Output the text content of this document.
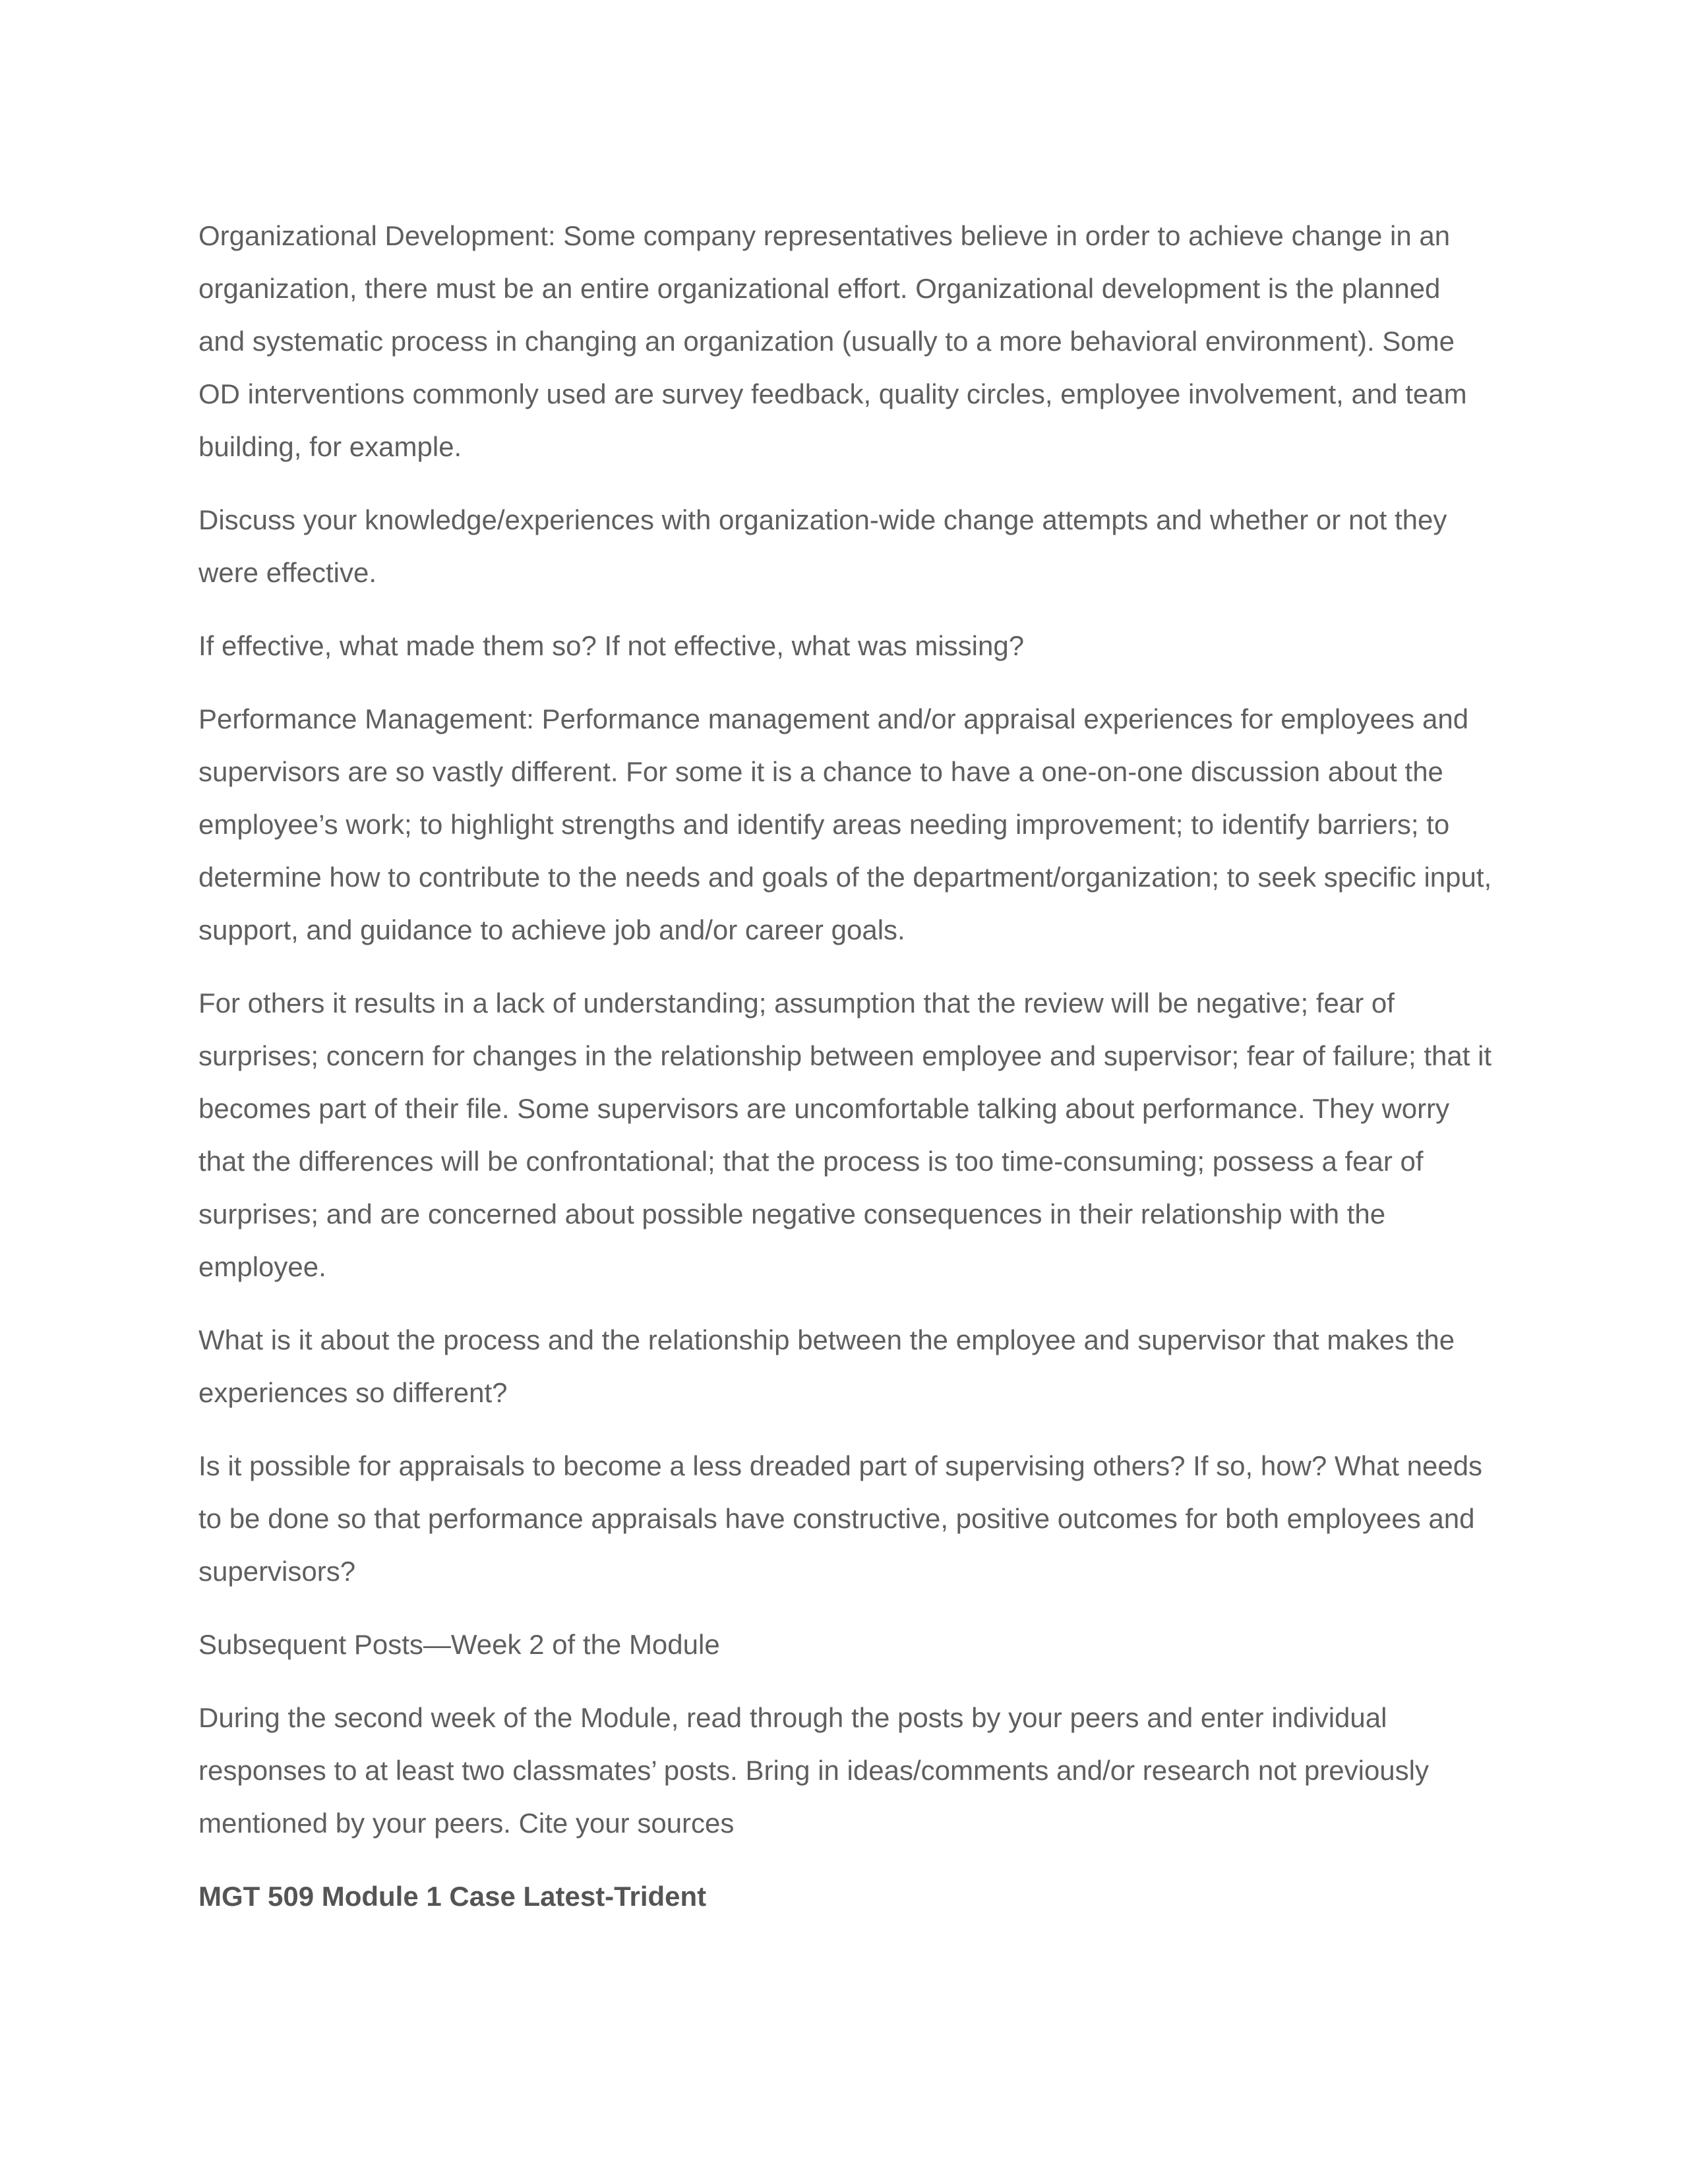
Organizational Development: Some company representatives believe in order to achieve change in an
organization, there must be an entire organizational effort. Organizational development is the planned
and systematic process in changing an organization (usually to a more behavioral environment). Some
OD interventions commonly used are survey feedback, quality circles, employee involvement, and team
building, for example.

Discuss your knowledge/experiences with organization-wide change attempts and whether or not they
were effective.

If effective, what made them so? If not effective, what was missing?

Performance Management: Performance management and/or appraisal experiences for employees and
supervisors are so vastly different. For some it is a chance to have a one-on-one discussion about the
employee’s work; to highlight strengths and identify areas needing improvement; to identify barriers; to
determine how to contribute to the needs and goals of the department/organization; to seek specific input,
support, and guidance to achieve job and/or career goals.

For others it results in a lack of understanding; assumption that the review will be negative; fear of
surprises; concern for changes in the relationship between employee and supervisor; fear of failure; that it
becomes part of their file. Some supervisors are uncomfortable talking about performance. They worry
that the differences will be confrontational; that the process is too time-consuming; possess a fear of
surprises; and are concerned about possible negative consequences in their relationship with the
employee.

What is it about the process and the relationship between the employee and supervisor that makes the
experiences so different?

Is it possible for appraisals to become a less dreaded part of supervising others? If so, how? What needs
to be done so that performance appraisals have constructive, positive outcomes for both employees and
supervisors?

Subsequent Posts—Week 2 of the Module

During the second week of the Module, read through the posts by your peers and enter individual
responses to at least two classmates’ posts. Bring in ideas/comments and/or research not previously
mentioned by your peers. Cite your sources

MGT 509 Module 1 Case Latest-Trident
